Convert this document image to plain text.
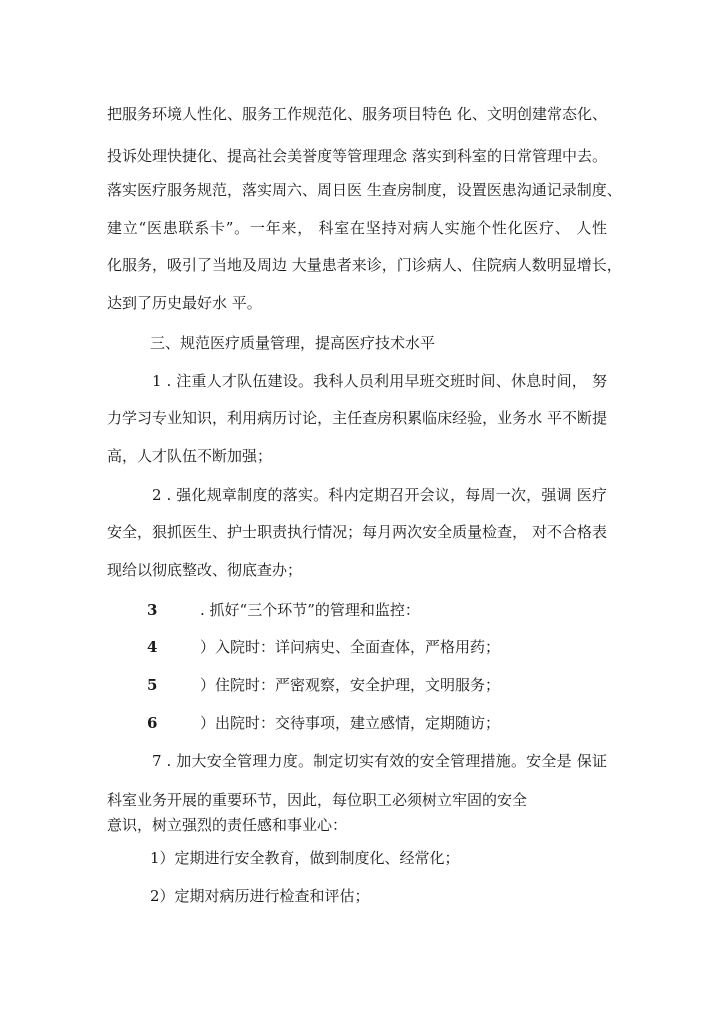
把服务环境人性化、服务工作规范化、服务项目特色 化、文明创建常态化、
投诉处理快捷化、提高社会美誉度等管理理念 落实到科室的日常管理中去。
落实医疗服务规范，落实周六、周日医 生查房制度，设置医患沟通记录制度、
建立“医患联系卡”。一年来， 科室在坚持对病人实施个性化医疗、 人性
化服务，吸引了当地及周边 大量患者来诊，门诊病人、住院病人数明显增长，
达到了历史最好水 平。
三、规范医疗质量管理，提高医疗技术水平
1 . 注重人才队伍建设。我科人员利用早班交班时间、休息时间， 努
力学习专业知识，利用病历讨论，主任查房积累临床经验，业务水 平不断提
高，人才队伍不断加强；
2 . 强化规章制度的落实。科内定期召开会议，每周一次，强调 医疗
安全，狠抓医生、护士职责执行情况；每月两次安全质量检查， 对不合格表
现给以彻底整改、彻底查办；
3	. 抓好“三个环节”的管理和监控：
4	）入院时：详问病史、全面查体，严格用药；
5	）住院时：严密观察，安全护理，文明服务；
6	）出院时：交待事项，建立感情，定期随访；
7 . 加大安全管理力度。制定切实有效的安全管理措施。安全是 保证
科室业务开展的重要环节，因此，每位职工必须树立牢固的安全
意识，树立强烈的责任感和事业心：
1）定期进行安全教育，做到制度化、经常化；
2）定期对病历进行检查和评估；
